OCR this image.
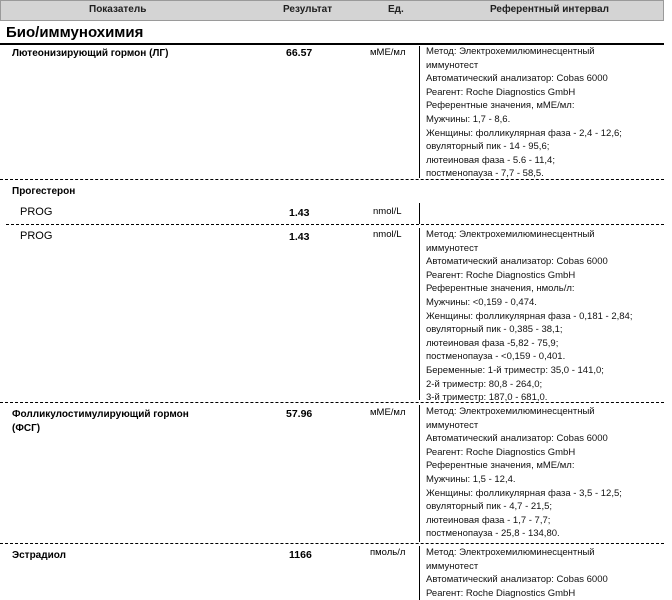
Показатель	Результат	Ед.	Референтный интервал
Био/иммунохимия
Лютеонизирующий гормон (ЛГ)	66.57	мМЕ/мл Метод: Электрохемилюминесцентный
иммунотест
Автоматический анализатор: Cobas 6000
Реагент: Roche Diagnostics GmbH
Референтные значения, мМЕ/мл:
Мужчины: 1,7 - 8,6.
Женщины: фолликулярная фаза - 2,4 - 12,6;
овуляторный пик - 14 - 95,6;
лютеиновая фаза - 5.6 - 11,4;
постменопауза - 7,7 - 58,5.
Прогестерон
PROG	1.43	nmol/L
PROG	1.43	nmol/L	Метод: Электрохемилюминесцентный
иммунотест
Автоматический анализатор: Cobas 6000
Реагент: Roche Diagnostics GmbH
Референтные значения, нмоль/л:
Мужчины: <0,159 - 0,474.
Женщины: фолликулярная фаза - 0,181 - 2,84;
овуляторный пик - 0,385 - 38,1;
лютеиновая фаза -5,82 - 75,9;
постменопауза - <0,159 - 0,401.
Беременные: 1-й триместр: 35,0 - 141,0;
2-й триместр: 80,8 - 264,0;
3-й триместр: 187,0 - 681,0.
Фолликулостимулирующий гормон
(ФСГ)
57.96	мМЕ/мл Метод: Электрохемилюминесцентный
иммунотест
Автоматический анализатор: Cobas 6000
Реагент: Roche Diagnostics GmbH
Референтные значения, мМЕ/мл:
Мужчины: 1,5 - 12,4.
Женщины: фолликулярная фаза - 3,5 - 12,5;
овуляторный пик - 4,7 - 21,5;
лютеиновая фаза - 1,7 - 7,7;
постменопауза - 25,8 - 134,80.
Эстрадиол	1166	пмоль/л Метод: Электрохемилюминесцентный
иммунотест
Автоматический анализатор: Cobas 6000
Реагент: Roche Diagnostics GmbH
